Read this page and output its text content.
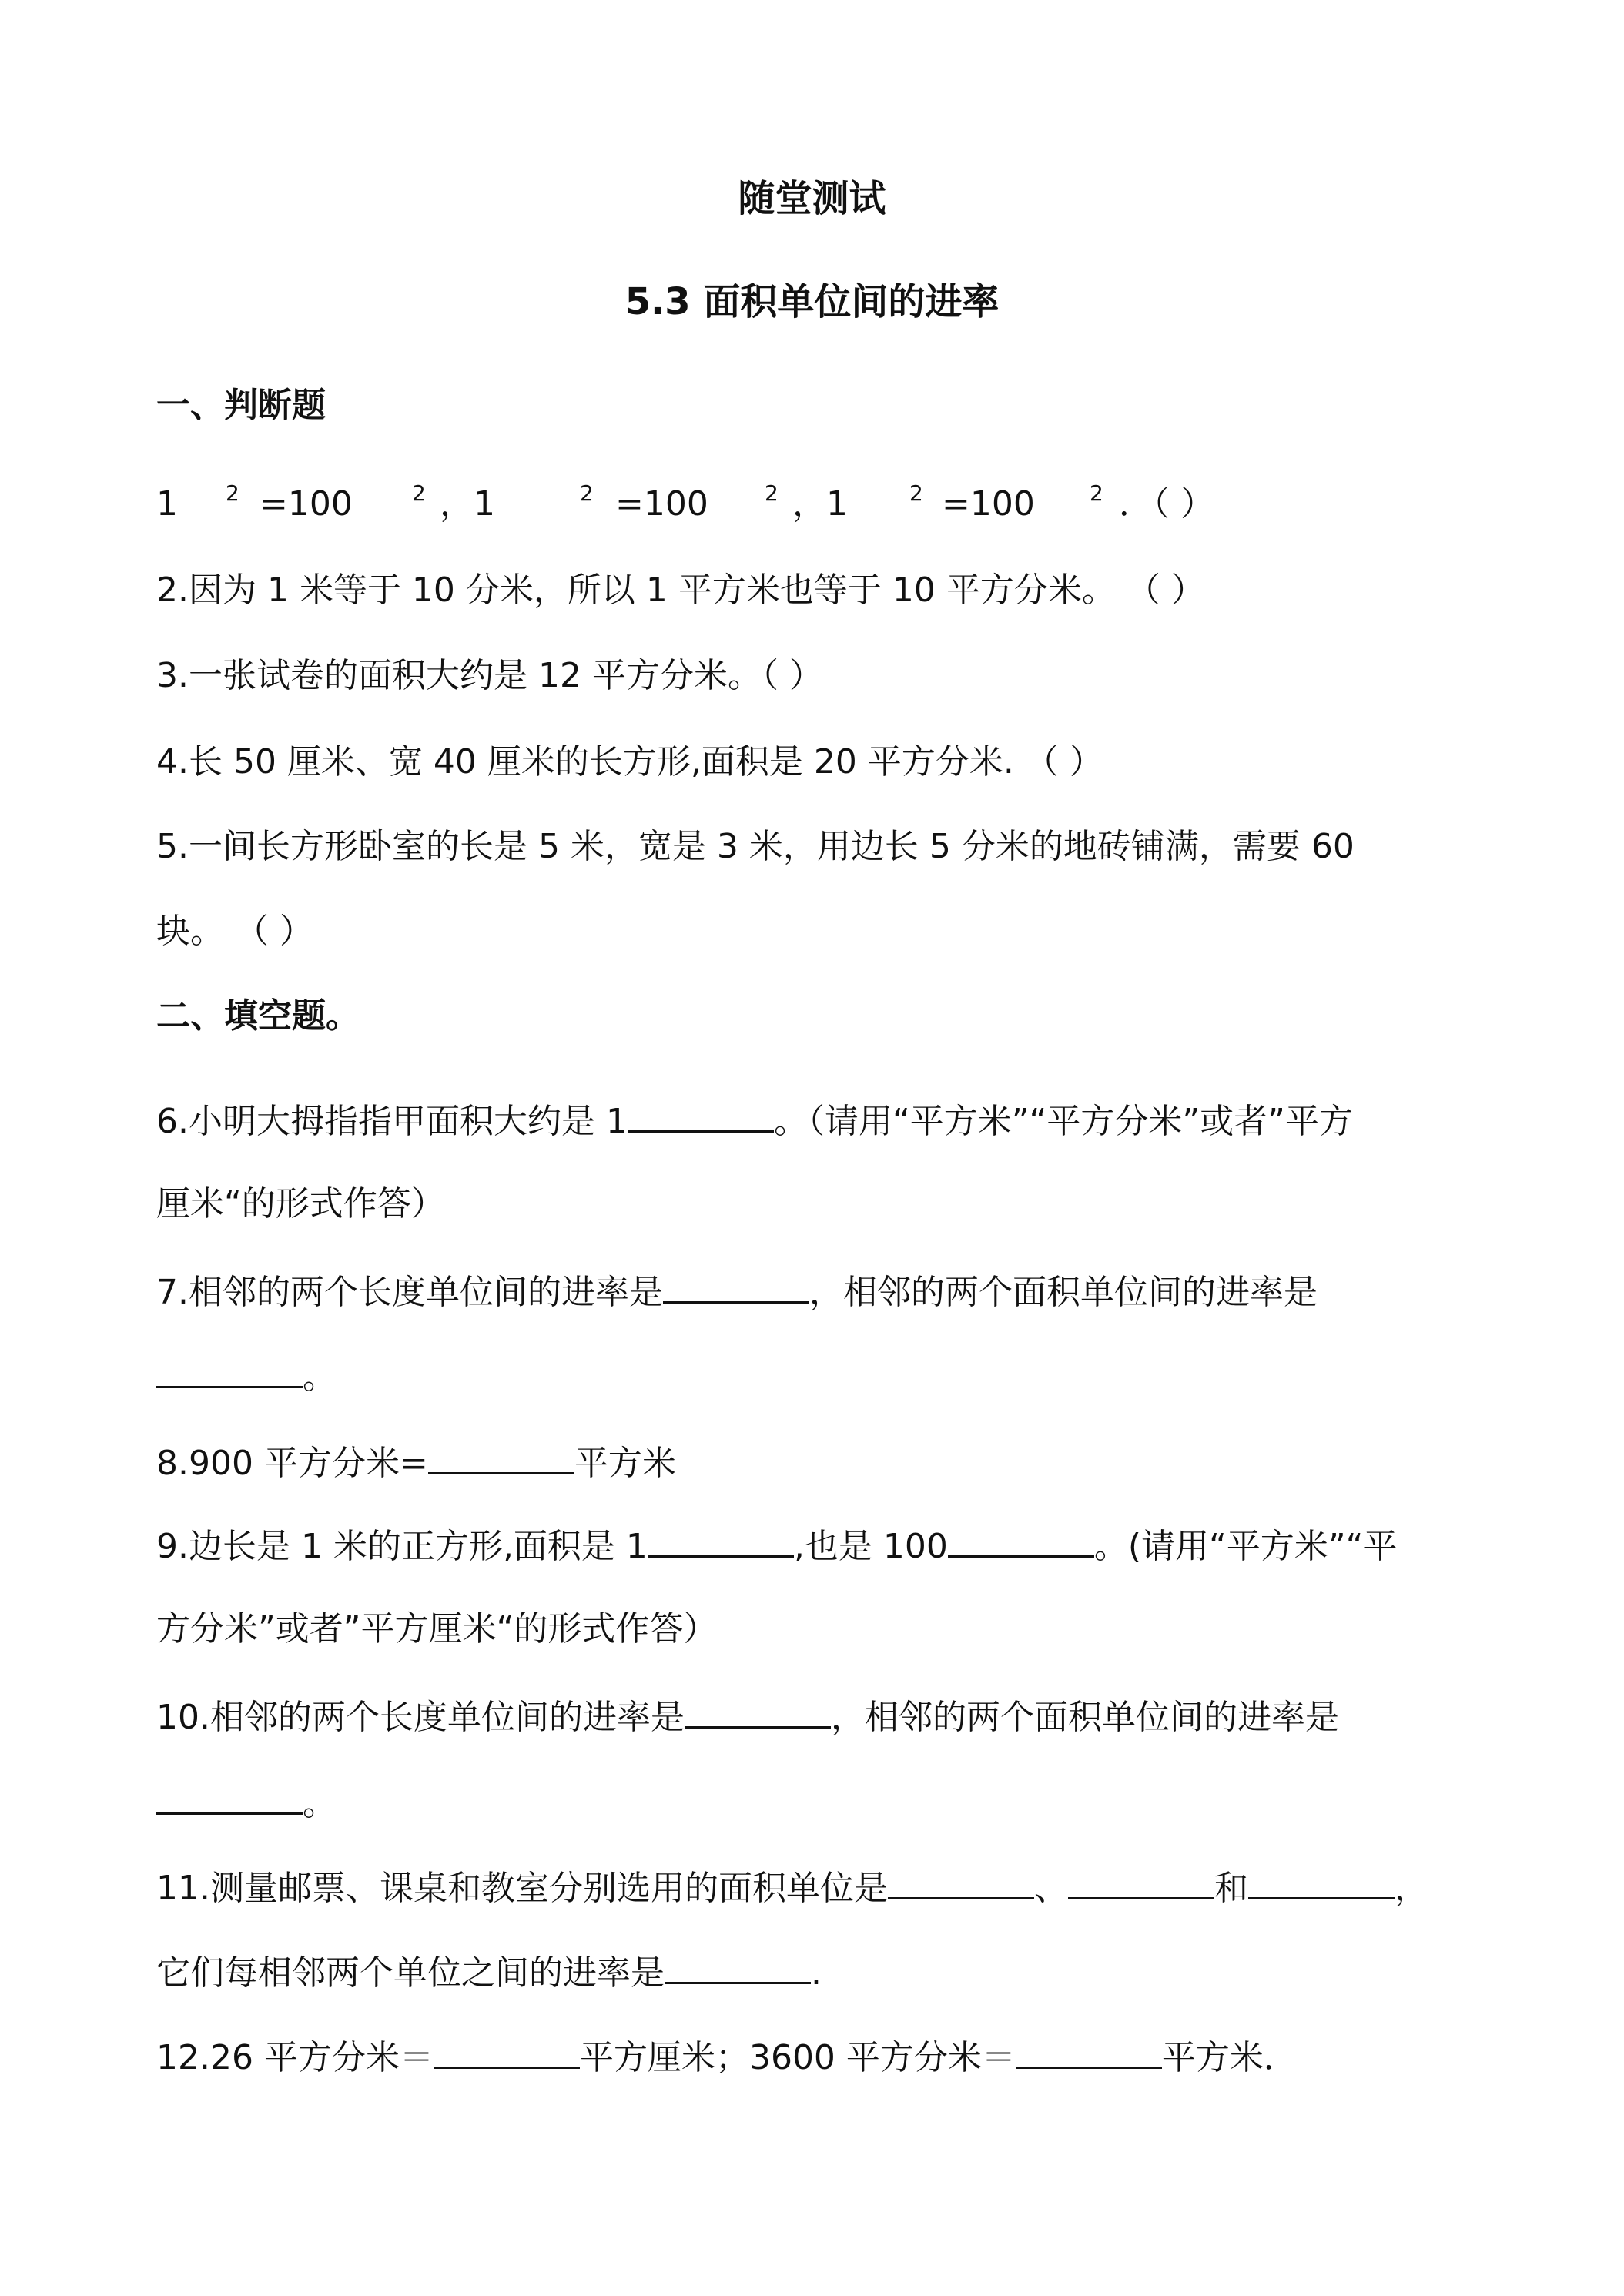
随堂测试
5.3 面积单位间的进率
一、判断题
1 2 =100	2 ，1	2 =100	2 ，1	2 =100	2 ．（ ）
2.因为 1 米等于 10 分米，所以 1 平方米也等于 10 平方分米。 （ ）
3.一张试卷的面积大约是 12 平方分米。（ ）
4.长 50 厘米、宽 40 厘米的长方形,面积是 20 平方分米. （ ）
5.一间长方形卧室的长是 5 米，宽是 3 米，用边长 5 分米的地砖铺满，需要 60
块。 （ ）
二、填空题。
6.小明大拇指指甲面积大约是 1	。（请用“平方米”“平方分米”或者”平方
厘米“的形式作答）
7.相邻的两个长度单位间的进率是	，相邻的两个面积单位间的进率是
。
8.900 平方分米=	平方米
9.边长是 1 米的正方形,面积是 1	,也是 100	。(请用“平方米”“平
方分米”或者”平方厘米“的形式作答）
10.相邻的两个长度单位间的进率是	，相邻的两个面积单位间的进率是
。
11.测量邮票、课桌和教室分别选用的面积单位是	、	和	，
它们每相邻两个单位之间的进率是	.
12.26 平方分米＝	平方厘米；3600 平方分米＝	平方米．
